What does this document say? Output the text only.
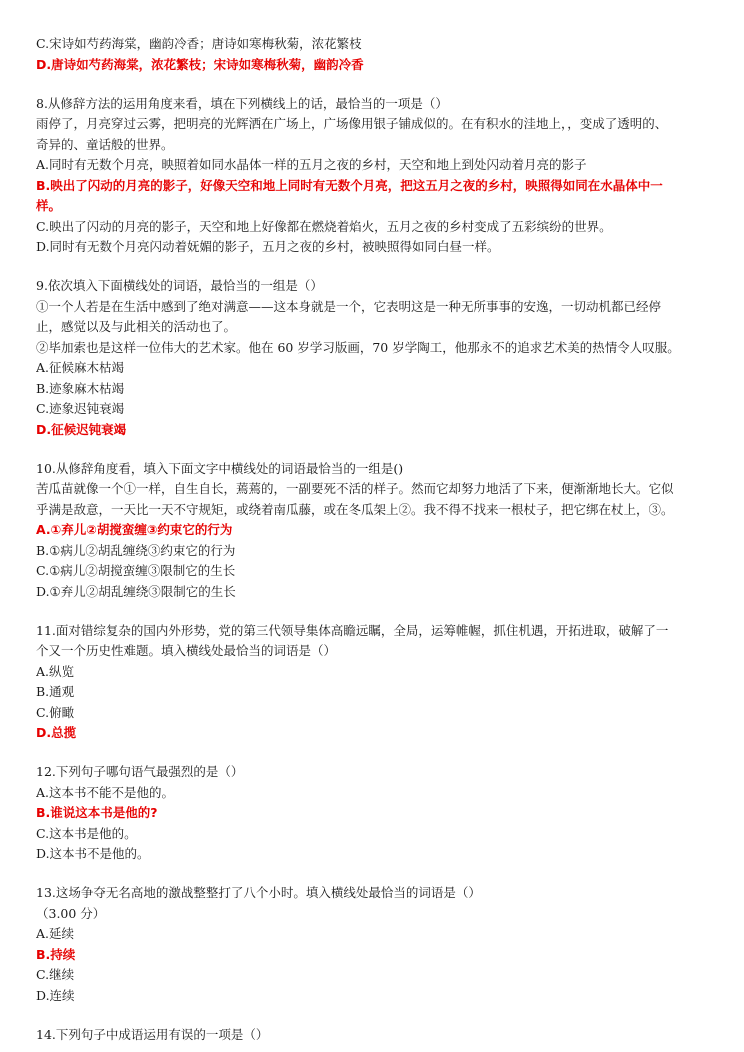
C.宋诗如芍药海棠，幽韵冷香；唐诗如寒梅秋菊，浓花繁枝
D.唐诗如芍药海棠，浓花繁枝；宋诗如寒梅秋菊，幽韵冷香
8.从修辞方法的运用角度来看，填在下列横线上的话，最恰当的一项是（）
雨停了，月亮穿过云雾，把明亮的光辉洒在广场上，广场像用银子铺成似的。在有积水的洼地上，，变成了透明的、
奇异的、童话般的世界。
A.同时有无数个月亮，映照着如同水晶体一样的五月之夜的乡村，天空和地上到处闪动着月亮的影子
B.映出了闪动的月亮的影子，好像天空和地上同时有无数个月亮，把这五月之夜的乡村，映照得如同在水晶体中一
样。
C.映出了闪动的月亮的影子，天空和地上好像都在燃烧着焰火，五月之夜的乡村变成了五彩缤纷的世界。
D.同时有无数个月亮闪动着妩媚的影子，五月之夜的乡村，被映照得如同白昼一样。
9.依次填入下面横线处的词语，最恰当的一组是（）
①一个人若是在生活中感到了绝对满意——这本身就是一个，它表明这是一种无所事事的安逸，一切动机都已经停
止，感觉以及与此相关的活动也了。
②毕加索也是这样一位伟大的艺术家。他在 60 岁学习版画，70 岁学陶工，他那永不的追求艺术美的热情令人叹服。
A.征候麻木枯竭
B.迹象麻木枯竭
C.迹象迟钝衰竭
D.征候迟钝衰竭
10.从修辞角度看，填入下面文字中横线处的词语最恰当的一组是()
苦瓜苗就像一个①一样，自生自长，蔫蔫的，一副要死不活的样子。然而它却努力地活了下来，便渐渐地长大。它似
乎满是敌意，一天比一天不守规矩，或绕着南瓜藤，或在冬瓜架上②。我不得不找来一根杖子，把它绑在杖上，③。
A.①弃儿②胡搅蛮缠③约束它的行为
B.①病儿②胡乱缠绕③约束它的行为
C.①病儿②胡搅蛮缠③限制它的生长
D.①弃儿②胡乱缠绕③限制它的生长
11.面对错综复杂的国内外形势，党的第三代领导集体高瞻远瞩，全局，运筹帷幄，抓住机遇，开拓进取，破解了一
个又一个历史性难题。填入横线处最恰当的词语是（）
A.纵览
B.通观
C.俯瞰
D.总揽
12.下列句子哪句语气最强烈的是（）
A.这本书不能不是他的。
B.谁说这本书是他的?
C.这本书是他的。
D.这本书不是他的。
13.这场争夺无名高地的激战整整打了八个小时。填入横线处最恰当的词语是（）
（3.00 分）
A.延续
B.持续
C.继续
D.连续
14.下列句子中成语运用有误的一项是（）
